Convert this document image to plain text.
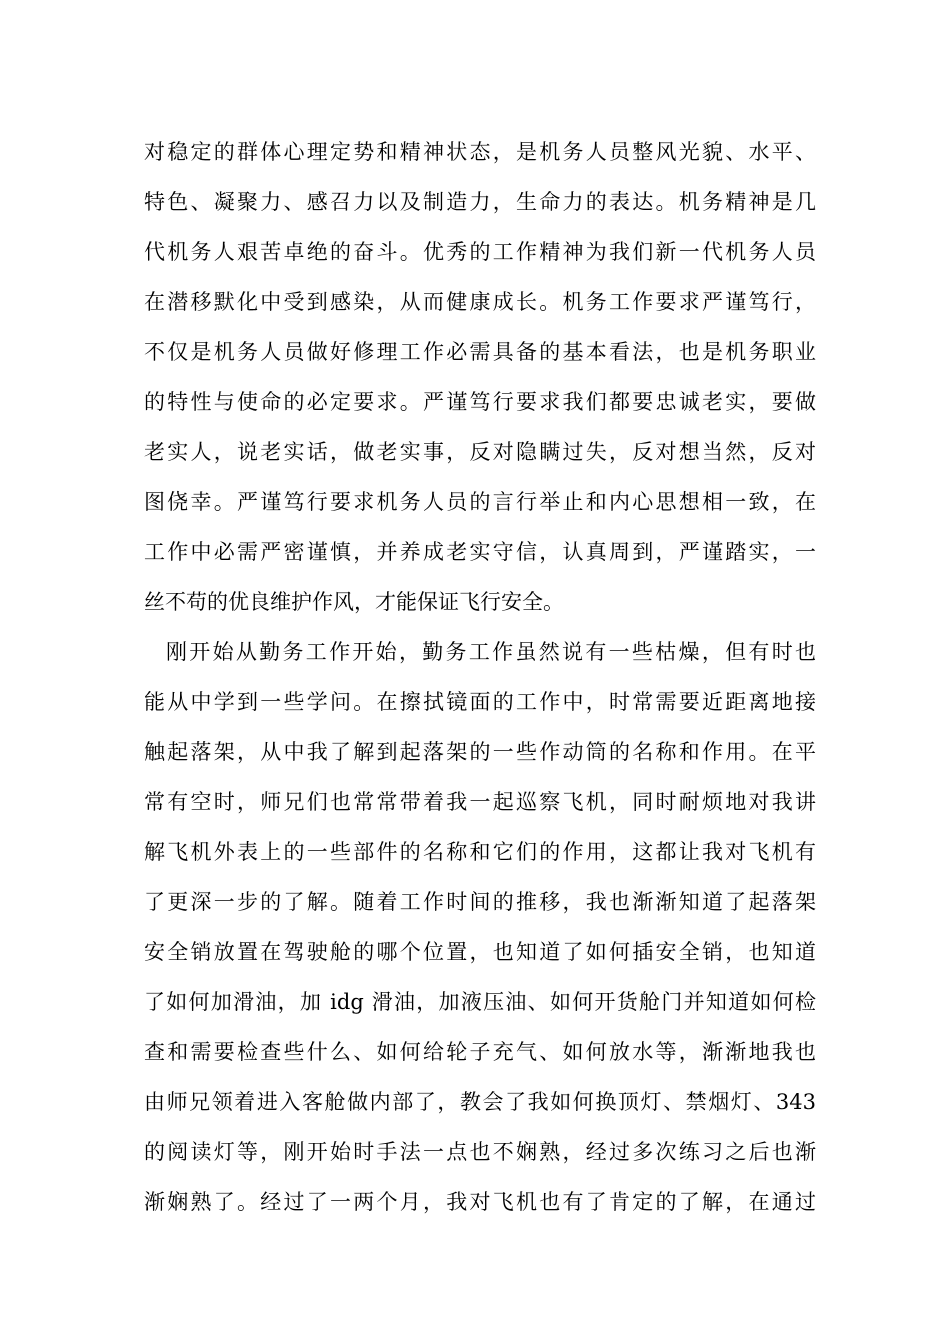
对稳定的群体心理定势和精神状态，是机务人员整风光貌、水平、
特色、凝聚力、感召力以及制造力，生命力的表达。机务精神是几
代机务人艰苦卓绝的奋斗。优秀的工作精神为我们新一代机务人员
在潜移默化中受到感染，从而健康成长。机务工作要求严谨笃行，
不仅是机务人员做好修理工作必需具备的基本看法，也是机务职业
的特性与使命的必定要求。严谨笃行要求我们都要忠诚老实，要做
老实人，说老实话，做老实事，反对隐瞒过失，反对想当然，反对
图侥幸。严谨笃行要求机务人员的言行举止和内心思想相一致，在
工作中必需严密谨慎，并养成老实守信，认真周到，严谨踏实，一
丝不苟的优良维护作风，才能保证飞行安全。
刚开始从勤务工作开始，勤务工作虽然说有一些枯燥，但有时也
能从中学到一些学问。在擦拭镜面的工作中，时常需要近距离地接
触起落架，从中我了解到起落架的一些作动筒的名称和作用。在平
常有空时，师兄们也常常带着我一起巡察飞机，同时耐烦地对我讲
解飞机外表上的一些部件的名称和它们的作用，这都让我对飞机有
了更深一步的了解。随着工作时间的推移，我也渐渐知道了起落架
安全销放置在驾驶舱的哪个位置，也知道了如何插安全销，也知道
了如何加滑油，加 idg 滑油，加液压油、如何开货舱门并知道如何检
查和需要检查些什么、如何给轮子充气、如何放水等，渐渐地我也
由师兄领着进入客舱做内部了，教会了我如何换顶灯、禁烟灯、343
的阅读灯等，刚开始时手法一点也不娴熟，经过多次练习之后也渐
渐娴熟了。经过了一两个月，我对飞机也有了肯定的了解，在通过
